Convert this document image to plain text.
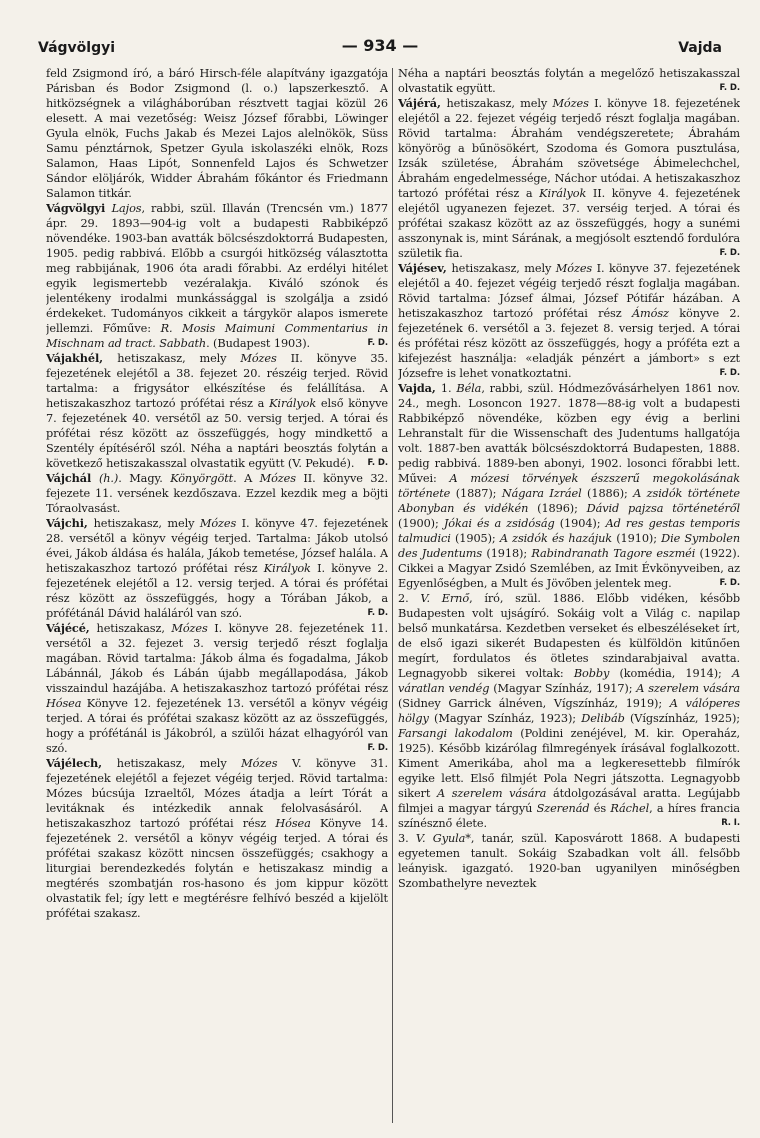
Vágvölgyi	— 934 —	Vajda

feld Zsigmond író, a báró Hirsch-féle alapítvány igazgatója Párisban és Bodor Zsigmond (l. o.) lapszerkesztő. A hitközségnek a világháborúban résztvett tagjai közül 26 elesett. A mai vezetőség: Weisz József főrabbi, Löwinger Gyula elnök, Fuchs Jakab és Mezei Lajos alelnökök, Süss Samu pénztárnok, Spetzer Gyula iskolaszéki elnök, Rozs Salamon, Haas Lipót, Sonnenfeld Lajos és Schwetzer Sándor elöljárók, Widder Ábrahám főkántor és Friedmann Salamon titkár.

Vágvölgyi Lajos, rabbi, szül. Illaván (Trencsén vm.) 1877 ápr. 29. 1893—904-ig volt a budapesti Rabbiképző növendéke. 1903-ban avatták bölcsészdoktorrá Budapesten, 1905. pedig rabbivá. Előbb a csurgói hitközség választotta meg rabbijának, 1906 óta aradi főrabbi. Az erdélyi hitélet egyik legismertebb vezéralakja. Kiváló szónok és jelentékeny irodalmi munkássággal is szolgálja a zsidó érdekeket. Tudományos cikkeit a tárgykör alapos ismerete jellemzi. Főműve: R. Mosis Maimuni Commentarius in Mischnam ad tract. Sabbath. (Budapest 1903).	F. D.

Vájakhél, hetiszakasz, mely Mózes II. könyve 35. fejezetének elejétől a 38. fejezet 20. részéig terjed. Rövid tartalma: a frigysátor elkészítése és felállítása. A hetiszakaszhoz tartozó prófétai rész a Királyok első könyve 7. fejezetének 40. versétől az 50. versig terjed. A tórai és prófétai rész között az összefüggés, hogy mindkettő a Szentély építéséről szól. Néha a naptári beosztás folytán a következő hetiszakasszal olvastatik együtt (V. Pekudé). F. D.

Vájchál (h.). Magy. Könyörgött. A Mózes II. könyve 32. fejezete 11. versének kezdőszava. Ezzel kezdik meg a böjti Tóraolvasást.

Vájchi, hetiszakasz, mely Mózes I. könyve 47. fejezetének 28. versétől a könyv végéig terjed. Tartalma: Jákob utolsó évei, Jákob áldása és halála, Jákob temetése, József halála. A hetiszakaszhoz tartozó prófétai rész Királyok I. könyve 2. fejezetének elejétől a 12. versig terjed. A tórai és prófétai rész között az összefüggés, hogy a Tórában Jákob, a prófétánál Dávid haláláról van szó.	F. D.

Vájécé, hetiszakasz, Mózes I. könyve 28. fejezetének 11. versétől a 32. fejezet 3. versig terjedő részt foglalja magában. Rövid tartalma: Jákob álma és fogadalma, Jákob Lábánnál, Jákob és Lábán újabb megállapodása, Jákob visszaindul hazájába. A hetiszakaszhoz tartozó prófétai rész Hósea Könyve 12. fejezetének 13. versétől a könyv végéig terjed. A tórai és prófétai szakasz között az az összefüggés, hogy a prófétánál is Jákobról, a szülői házat elhagyóról van szó.	F. D.

Vájélech, hetiszakasz, mely Mózes V. könyve 31. fejezetének elejétől a fejezet végéig terjed. Rövid tartalma: Mózes búcsúja Izraeltől, Mózes átadja a leírt Tórát a levitáknak és intézkedik annak felolvasásáról. A hetiszakaszhoz tartozó prófétai rész Hósea Könyve 14. fejezetének 2. versétől a könyv végéig terjed. A tórai és prófétai szakasz között nincsen összefüggés; csakhogy a liturgiai berendezkedés folytán e hetiszakasz mindig a megtérés szombatján ros-hasono és jom kippur között olvastatik fel; így lett e megtérésre felhívó beszéd a kijelölt prófétai szakasz.

Néha a naptári beosztás folytán a megelőző hetiszakasszal olvastatik együtt.	F. D.

Vájérá, hetiszakasz, mely Mózes I. könyve 18. fejezetének elejétől a 22. fejezet végéig terjedő részt foglalja magában. Rövid tartalma: Ábrahám vendégszeretete; Ábrahám könyörög a bűnösökért, Szodoma és Gomora pusztulása, Izsák születése, Ábrahám szövetsége Ábimelechchel, Ábrahám engedelmessége, Náchor utódai. A hetiszakaszhoz tartozó prófétai rész a Királyok II. könyve 4. fejezetének elejétől ugyanezen fejezet. 37. verséig terjed. A tórai és prófétai szakasz között az az összefüggés, hogy a sunémi asszonynak is, mint Sárának, a megjósolt esztendő fordulóra születik fia.	F. D.

Vájésev, hetiszakasz, mely Mózes I. könyve 37. fejezetének elejétől a 40. fejezet végéig terjedő részt foglalja magában. Rövid tartalma: József álmai, József Pótifár házában. A hetiszakaszhoz tartozó prófétai rész Ámósz könyve 2. fejezetének 6. versétől a 3. fejezet 8. versig terjed. A tórai és prófétai rész között az összefüggés, hogy a próféta ezt a kifejezést használja: «eladják pénzért a jámbort» s ezt Józsefre is lehet vonatkoztatni.	F. D.

Vajda, 1. Béla, rabbi, szül. Hódmezővásárhelyen 1861 nov. 24., megh. Losoncon 1927. 1878—88-ig volt a budapesti Rabbiképző növendéke, közben egy évig a berlini Lehranstalt für die Wissenschaft des Judentums hallgatója volt. 1887-ben avatták bölcsészdoktorrá Budapesten, 1888. pedig rabbivá. 1889-ben abonyi, 1902. losonci főrabbi lett. Művei: A mózesi törvények észszerű megokolásának története (1887); Nágara Izráel (1886); A zsidók története Abonyban és vidékén (1896); Dávid pajzsa történetéről (1900); Jókai és a zsidóság (1904); Ad res gestas temporis talmudici (1905); A zsidók és hazájuk (1910); Die Symbolen des Judentums (1918); Rabindranath Tagore eszméi (1922). Cikkei a Magyar Zsidó Szemlében, az Imit Évkönyveiben, az Egyenlőségben, a Mult és Jövőben jelentek meg.	F. D.

2. V. Ernő, író, szül. 1886. Előbb vidéken, később Budapesten volt ujságíró. Sokáig volt a Világ c. napilap belső munkatársa. Kezdetben verseket és elbeszéléseket írt, de első igazi sikerét Budapesten és külföldön kitűnően megírt, fordulatos és ötletes szindarabjaival avatta. Legnagyobb sikerei voltak: Bobby (komédia, 1914); A váratlan vendég (Magyar Színház, 1917); A szerelem vására (Sidney Garrick álnéven, Vígszínház, 1919); A válóperes hölgy (Magyar Színház, 1923); Delibáb (Vígszínház, 1925); Farsangi lakodalom (Poldini zenéjével, M. kir. Operaház, 1925). Később kizárólag filmregények írásával foglalkozott. Kiment Amerikába, ahol ma a legkeresettebb filmírók egyike lett. Első filmjét Pola Negri játszotta. Legnagyobb sikert A szerelem vására átdolgozásával aratta. Legújabb filmjei a magyar tárgyú Szerenád és Ráchel, a híres francia színésznő élete.	R. I.

3. V. Gyula*, tanár, szül. Kaposvárott 1868. A budapesti egyetemen tanult. Sokáig Szabadkan volt áll. felsőbb leányisk. igazgató. 1920-ban ugyanilyen minőségben Szombathelyre neveztek
